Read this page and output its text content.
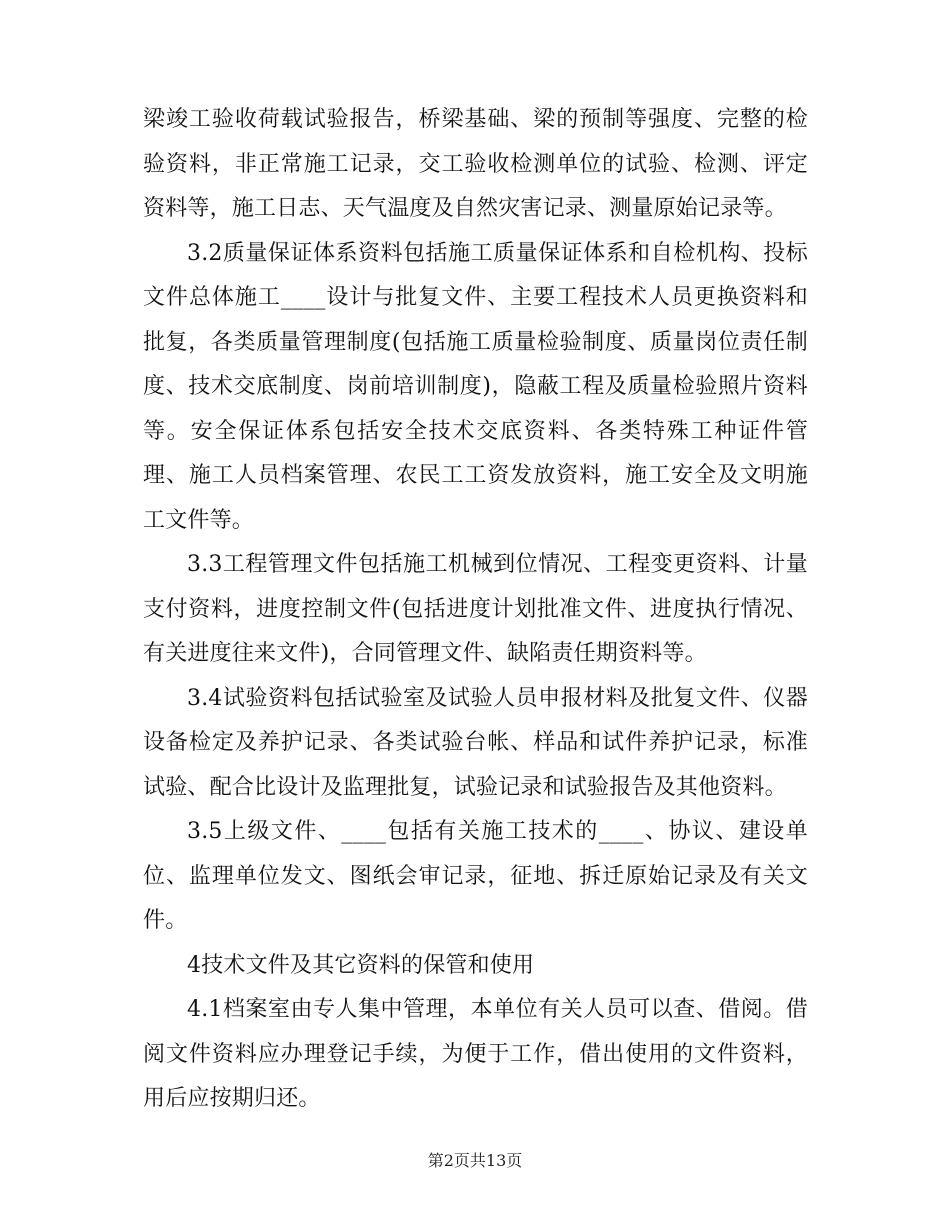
梁竣工验收荷载试验报告，桥梁基础、梁的预制等强度、完整的检验资料，非正常施工记录，交工验收检测单位的试验、检测、评定资料等，施工日志、天气温度及自然灾害记录、测量原始记录等。

3.2质量保证体系资料包括施工质量保证体系和自检机构、投标文件总体施工____设计与批复文件、主要工程技术人员更换资料和批复，各类质量管理制度(包括施工质量检验制度、质量岗位责任制度、技术交底制度、岗前培训制度)，隐蔽工程及质量检验照片资料等。安全保证体系包括安全技术交底资料、各类特殊工种证件管理、施工人员档案管理、农民工工资发放资料，施工安全及文明施工文件等。

3.3工程管理文件包括施工机械到位情况、工程变更资料、计量支付资料，进度控制文件(包括进度计划批准文件、进度执行情况、有关进度往来文件)，合同管理文件、缺陷责任期资料等。

3.4试验资料包括试验室及试验人员申报材料及批复文件、仪器设备检定及养护记录、各类试验台帐、样品和试件养护记录，标准试验、配合比设计及监理批复，试验记录和试验报告及其他资料。

3.5上级文件、____包括有关施工技术的____、协议、建设单位、监理单位发文、图纸会审记录，征地、拆迁原始记录及有关文件。

4技术文件及其它资料的保管和使用

4.1档案室由专人集中管理，本单位有关人员可以查、借阅。借阅文件资料应办理登记手续，为便于工作，借出使用的文件资料，用后应按期归还。

第2页共13页
